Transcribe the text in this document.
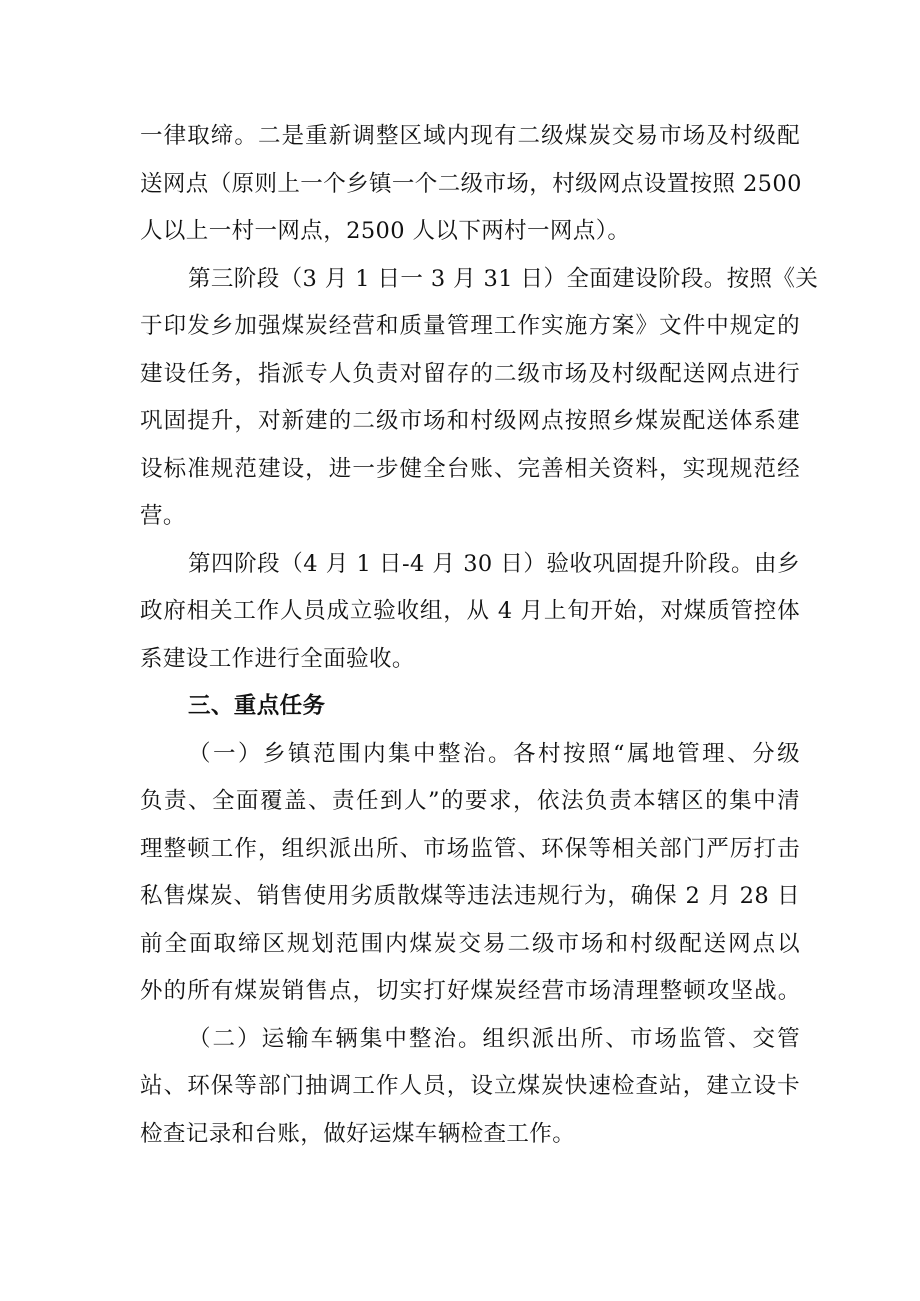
一律取缔。二是重新调整区域内现有二级煤炭交易市场及村级配
送网点（原则上一个乡镇一个二级市场，村级网点设置按照 2500
人以上一村一网点，2500 人以下两村一网点）。
第三阶段（3 月 1 日一 3 月 31 日）全面建设阶段。按照《关
于印发乡加强煤炭经营和质量管理工作实施方案》文件中规定的
建设任务，指派专人负责对留存的二级市场及村级配送网点进行
巩固提升，对新建的二级市场和村级网点按照乡煤炭配送体系建
设标准规范建设，进一步健全台账、完善相关资料，实现规范经
营。
第四阶段（4 月 1 日-4 月 30 日）验收巩固提升阶段。由乡
政府相关工作人员成立验收组，从 4 月上旬开始，对煤质管控体
系建设工作进行全面验收。
三、重点任务
（一）乡镇范围内集中整治。各村按照“属地管理、分级
负责、全面覆盖、责任到人”的要求，依法负责本辖区的集中清
理整顿工作，组织派出所、市场监管、环保等相关部门严厉打击
私售煤炭、销售使用劣质散煤等违法违规行为，确保 2 月 28 日
前全面取缔区规划范围内煤炭交易二级市场和村级配送网点以
外的所有煤炭销售点，切实打好煤炭经营市场清理整顿攻坚战。
（二）运输车辆集中整治。组织派出所、市场监管、交管
站、环保等部门抽调工作人员，设立煤炭快速检查站，建立设卡
检查记录和台账，做好运煤车辆检查工作。
